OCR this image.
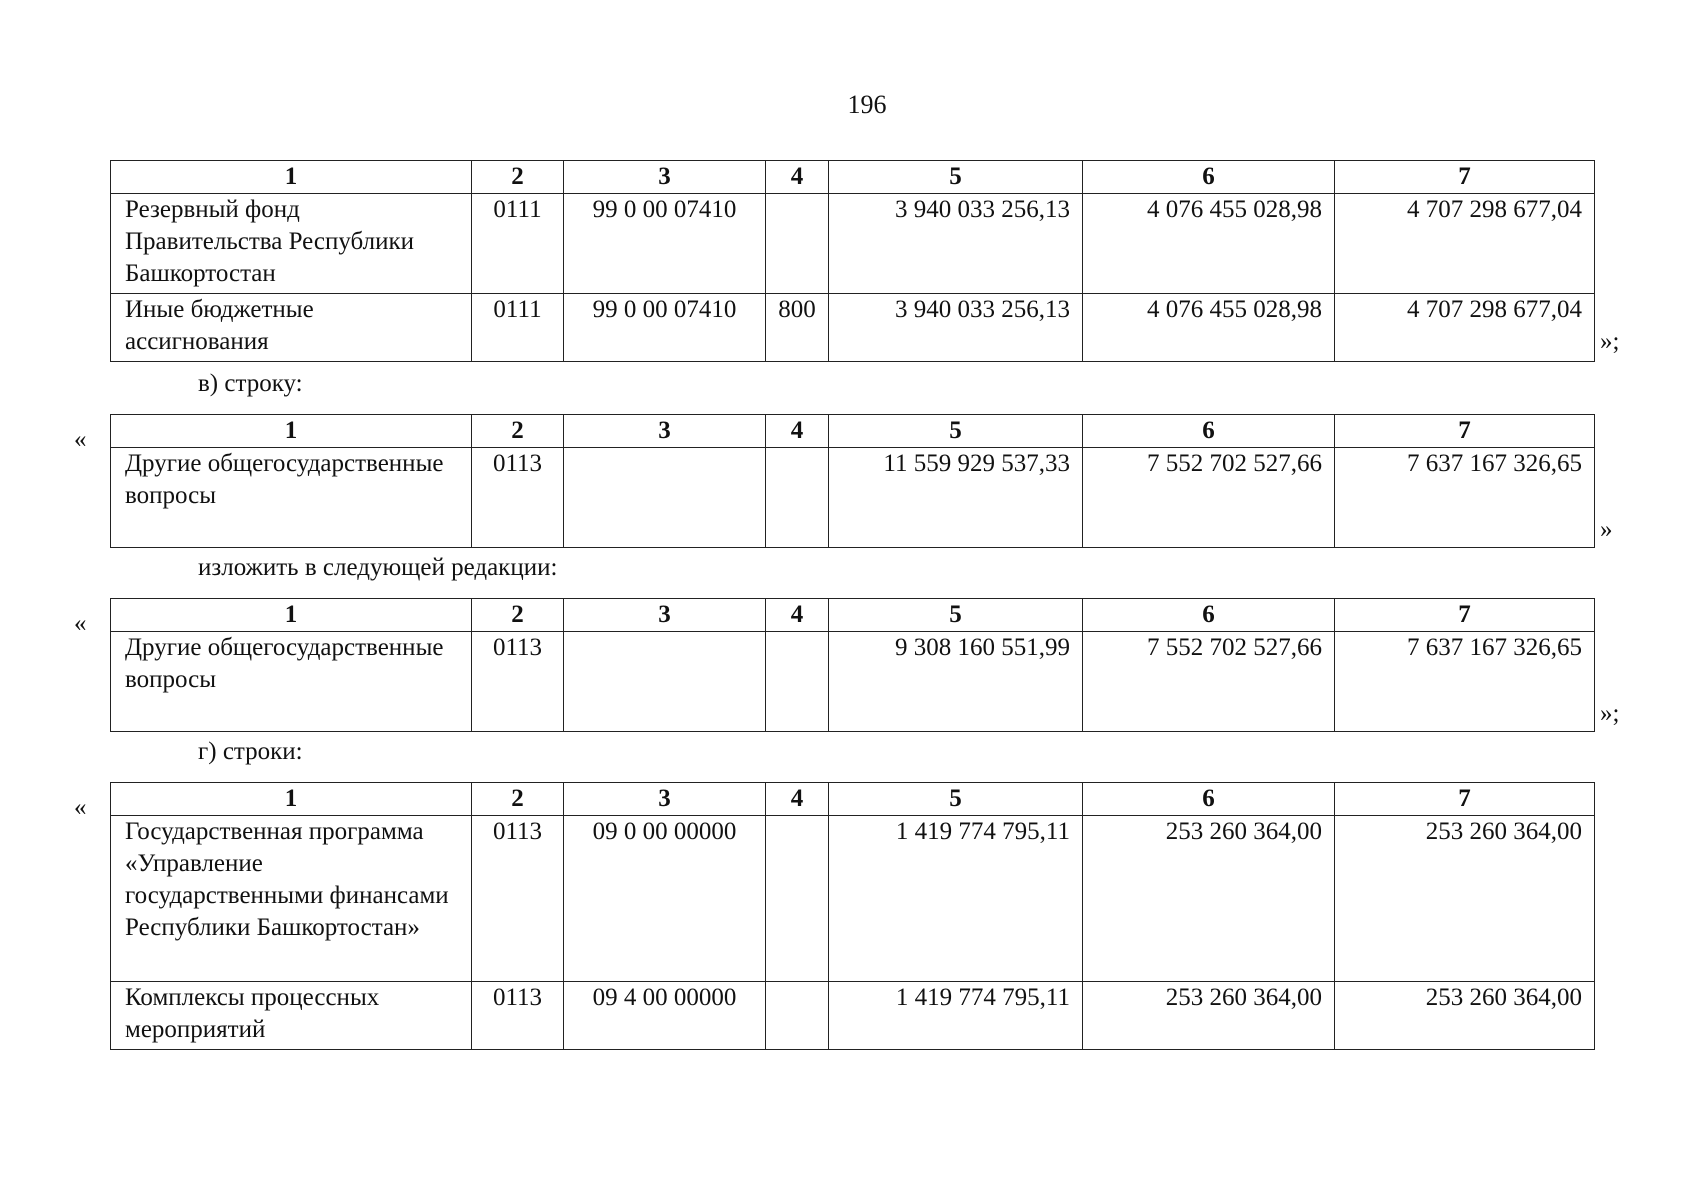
196
1	2	3	4	5	6	7
Резервный фонд Правительства Республики Башкортостан	0111	99 0 00 07410		3 940 033 256,13	4 076 455 028,98	4 707 298 677,04
Иные бюджетные ассигнования	0111	99 0 00 07410	800	3 940 033 256,13	4 076 455 028,98	4 707 298 677,04
»;
в) строку:
«	1	2	3	4	5	6	7
Другие общегосударственные вопросы	0113			11 559 929 537,33	7 552 702 527,66	7 637 167 326,65
»
изложить в следующей редакции:
«	1	2	3	4	5	6	7
Другие общегосударственные вопросы	0113			9 308 160 551,99	7 552 702 527,66	7 637 167 326,65
»;
г) строки:
«	1	2	3	4	5	6	7
Государственная программа «Управление государственными финансами Республики Башкортостан»	0113	09 0 00 00000		1 419 774 795,11	253 260 364,00	253 260 364,00
Комплексы процессных мероприятий	0113	09 4 00 00000		1 419 774 795,11	253 260 364,00	253 260 364,00
